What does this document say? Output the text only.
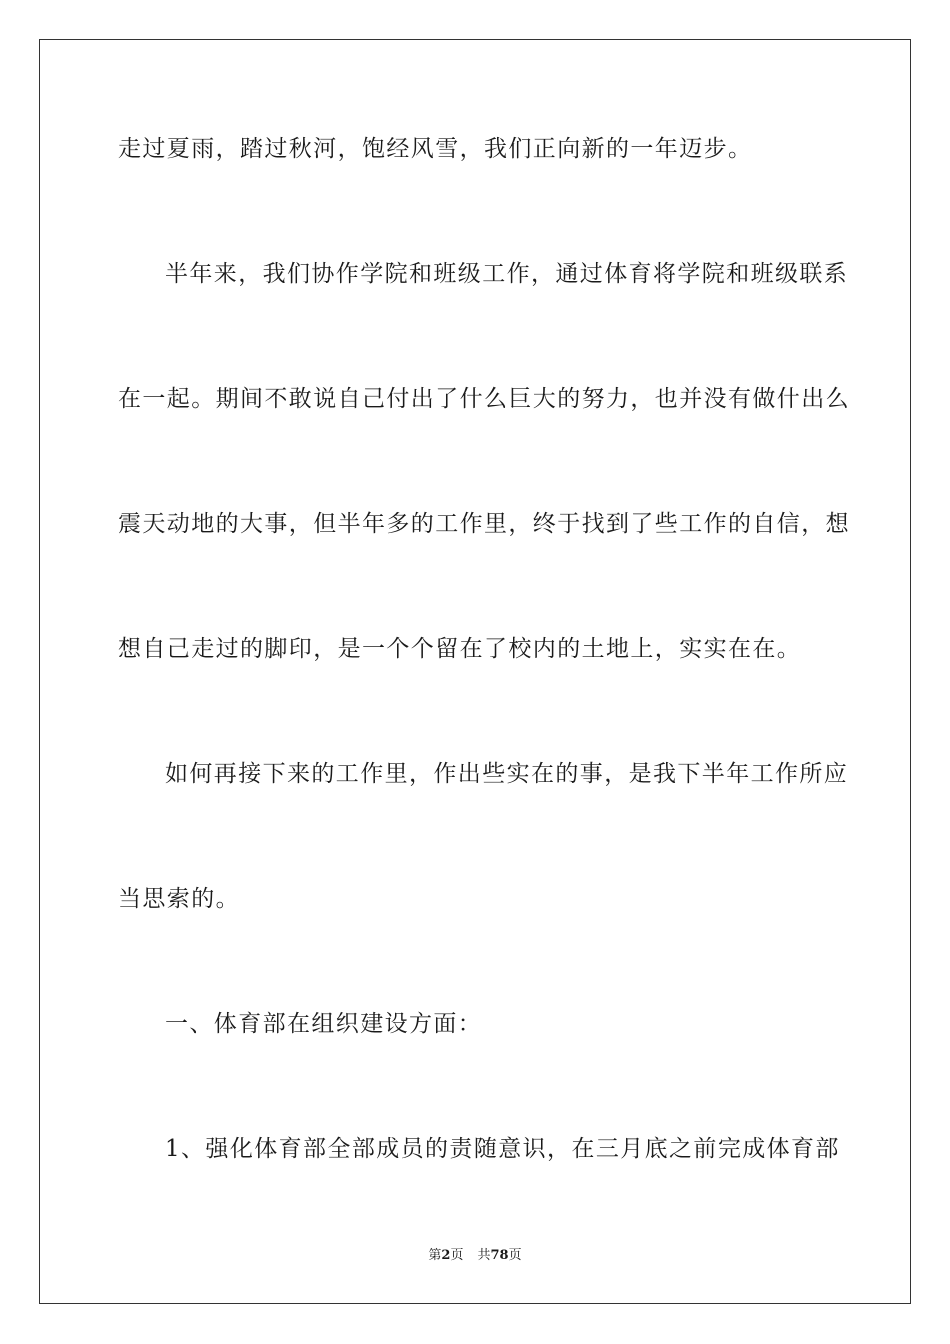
走过夏雨，踏过秋河，饱经风雪，我们正向新的一年迈步。
半年来，我们协作学院和班级工作，通过体育将学院和班级联系
在一起。期间不敢说自己付出了什么巨大的努力，也并没有做什出么
震天动地的大事，但半年多的工作里，终于找到了些工作的自信，想
想自己走过的脚印，是一个个留在了校内的土地上，实实在在。
如何再接下来的工作里，作出些实在的事，是我下半年工作所应
当思索的。
一、体育部在组织建设方面：
1、强化体育部全部成员的责随意识，在三月底之前完成体育部
第2页 共78页
